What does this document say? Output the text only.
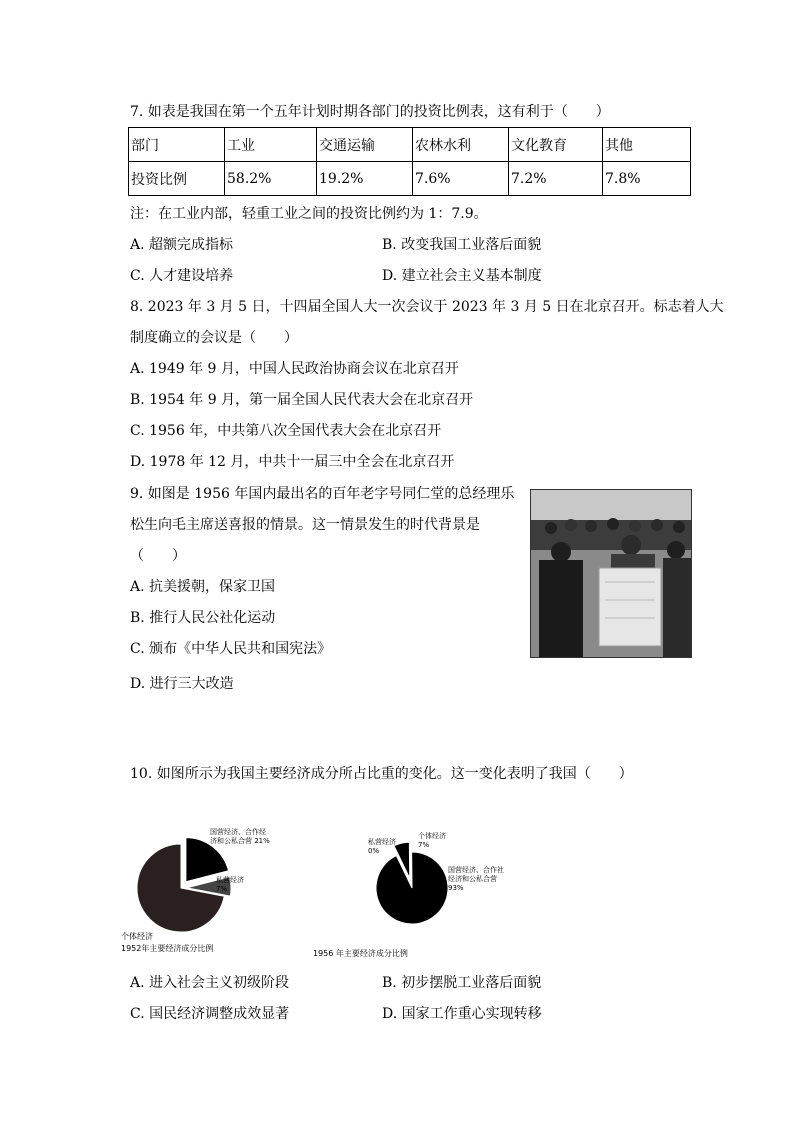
7. 如表是我国在第一个五年计划时期各部门的投资比例表，这有利于（　　）
部门	工业	交通运输	农林水利	文化教育	其他
投资比例	58.2%	19.2%	7.6%	7.2%	7.8%
注：在工业内部，轻重工业之间的投资比例约为 1：7.9。
A. 超额完成指标	B. 改变我国工业落后面貌
C. 人才建设培养	D. 建立社会主义基本制度
8. 2023 年 3 月 5 日，十四届全国人大一次会议于 2023 年 3 月 5 日在北京召开。标志着人大
制度确立的会议是（　　）
A. 1949 年 9 月，中国人民政治协商会议在北京召开
B. 1954 年 9 月，第一届全国人民代表大会在北京召开
C. 1956 年，中共第八次全国代表大会在北京召开
D. 1978 年 12 月，中共十一届三中全会在北京召开
9. 如图是 1956 年国内最出名的百年老字号同仁堂的总经理乐
松生向毛主席送喜报的情景。这一情景发生的时代背景是
（　　）
A. 抗美援朝，保家卫国
B. 推行人民公社化运动
C. 颁布《中华人民共和国宪法》
D. 进行三大改造
10. 如图所示为我国主要经济成分所占比重的变化。这一变化表明了我国（　　）
国营经济、合作经济和公私合营 21%
私营经济 7%
个体经济
1952年主要经济成分比例
私营经济 0%
个体经济 7%
国营经济、合作社经济和公私合营 93%
1956 年主要经济成分比例
A. 进入社会主义初级阶段	B. 初步摆脱工业落后面貌
C. 国民经济调整成效显著	D. 国家工作重心实现转移
